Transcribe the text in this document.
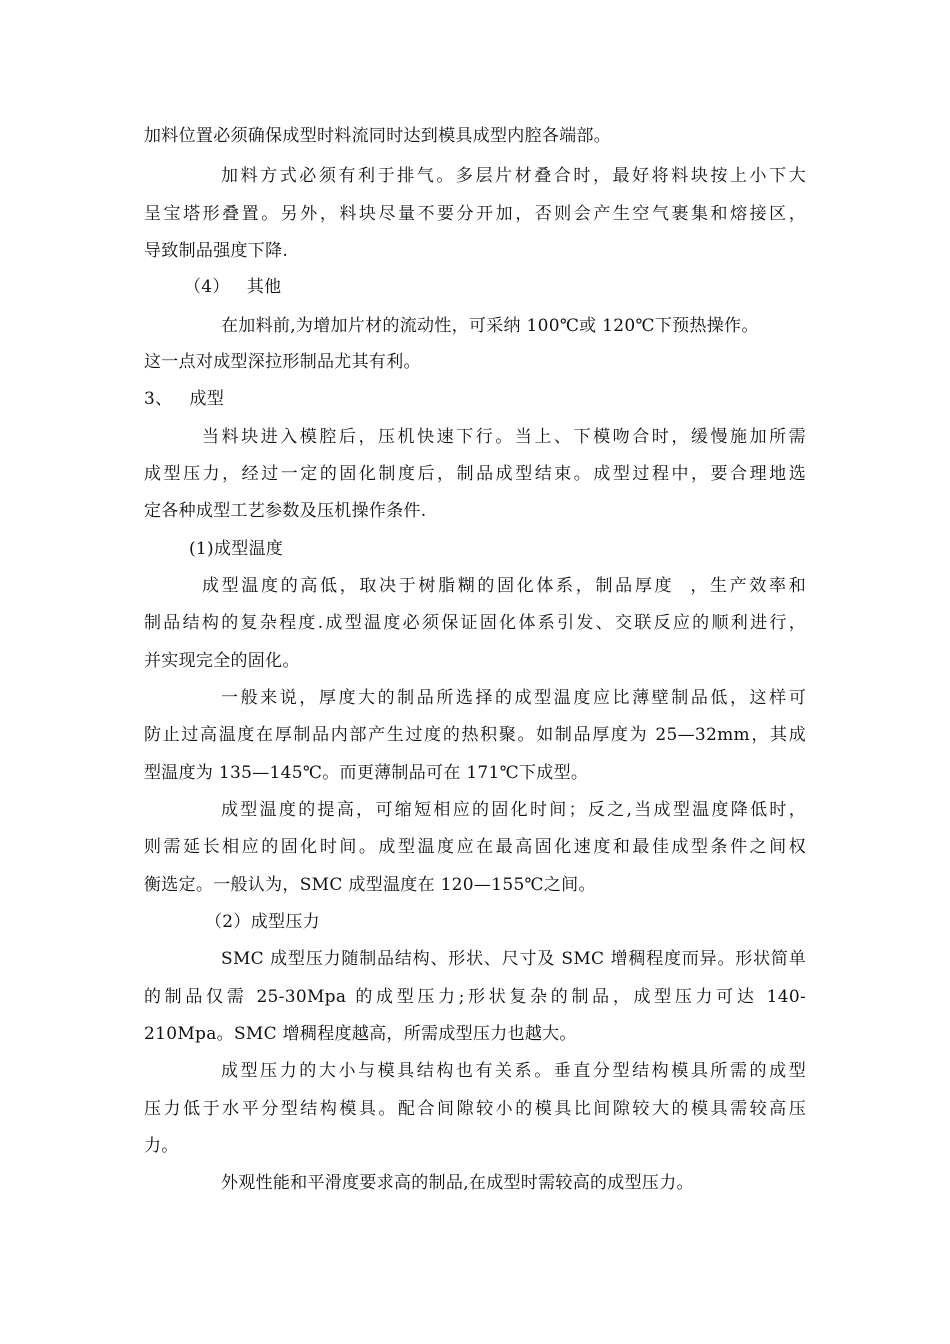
加料位置必须确保成型时料流同时达到模具成型内腔各端部。
加料方式必须有利于排气。多层片材叠合时，最好将料块按上小下大
呈宝塔形叠置。另外，料块尽量不要分开加，否则会产生空气裹集和熔接区，
导致制品强度下降.
（4）   其他
在加料前,为增加片材的流动性，可采纳 100℃或 120℃下预热操作。
这一点对成型深拉形制品尤其有利。
3、   成型
当料块进入模腔后，压机快速下行。当上、下模吻合时，缓慢施加所需
成型压力，经过一定的固化制度后，制品成型结束。成型过程中，要合理地选
定各种成型工艺参数及压机操作条件.
(1)成型温度
成型温度的高低，取决于树脂糊的固化体系，制品厚度  ，生产效率和
制品结构的复杂程度.成型温度必须保证固化体系引发、交联反应的顺利进行，
并实现完全的固化。
一般来说，厚度大的制品所选择的成型温度应比薄壁制品低，这样可
防止过高温度在厚制品内部产生过度的热积聚。如制品厚度为 25—32mm，其成
型温度为 135—145℃。而更薄制品可在 171℃下成型。
成型温度的提高，可缩短相应的固化时间；反之,当成型温度降低时，
则需延长相应的固化时间。成型温度应在最高固化速度和最佳成型条件之间权
衡选定。一般认为，SMC 成型温度在 120—155℃之间。
（2）成型压力
SMC 成型压力随制品结构、形状、尺寸及 SMC 增稠程度而异。形状简单
的制品仅需 25-30Mpa 的成型压力;形状复杂的制品，成型压力可达 140-
210Mpa。SMC 增稠程度越高，所需成型压力也越大。
成型压力的大小与模具结构也有关系。垂直分型结构模具所需的成型
压力低于水平分型结构模具。配合间隙较小的模具比间隙较大的模具需较高压
力。
外观性能和平滑度要求高的制品,在成型时需较高的成型压力。
